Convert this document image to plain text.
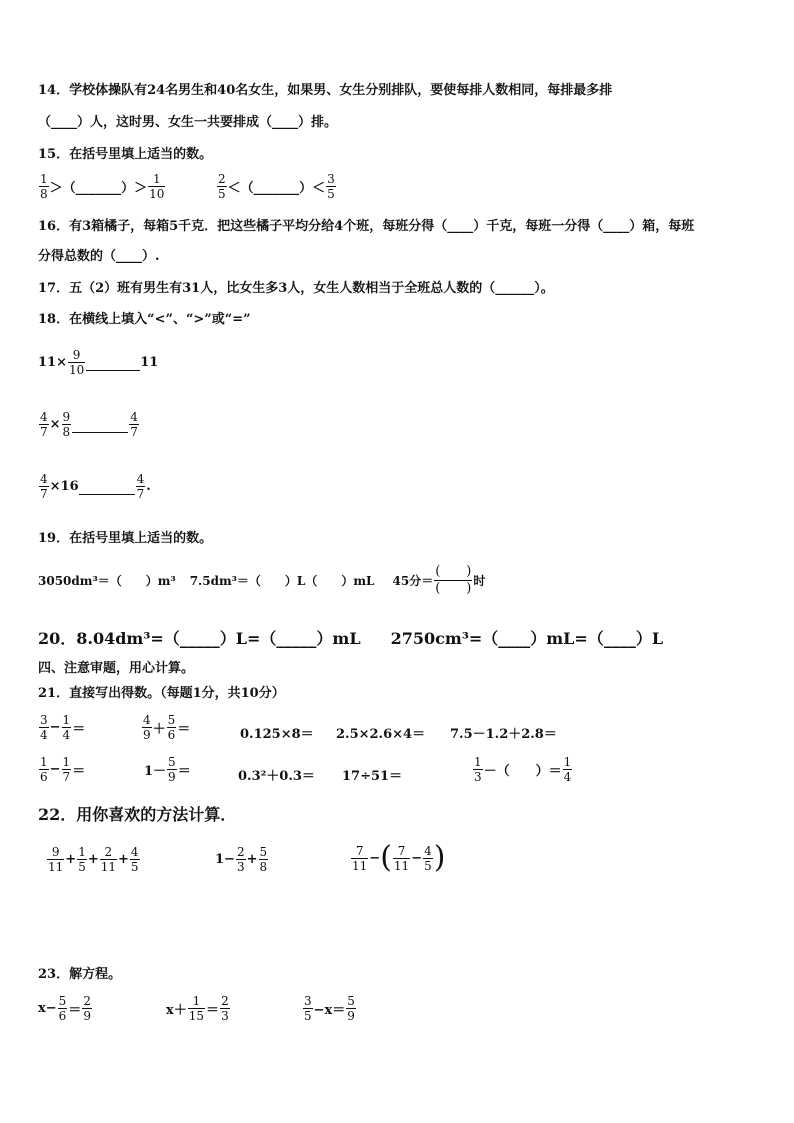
14．学校体操队有24名男生和40名女生，如果男、女生分别排队，要使每排人数相同，每排最多排
（____）人，这时男、女生一共要排成（____）排。
15．在括号里填上适当的数。
1
8 ＞（_______）＞
1
10
2
5 ＜（_______）＜
3
5
16．有3箱橘子，每箱5千克．把这些橘子平均分给4个班，每班分得（____）千克，每班一分得（____）箱，每班
分得总数的（____）.
17．五（2）班有男生有31人，比女生多3人，女生人数相当于全班总人数的（______）。
18．在横线上填入“<”、“>”或“=”
$11\times \frac{9}{10}$
	11
$\frac{4}{7} \times \frac{9}{8}$
	4
7
$\frac{4}{7} \times 16$
	4
7 .
19．在括号里填上适当的数。
3050dm³＝（　　）m³ 7.5dm³＝（　　）L（　　）mL 45分＝
(　　)
(　　) 时
20．8.04dm³=（_____）L=（_____）mL 2750cm³=（____）mL=（____）L
四、注意审题，用心计算。
21．直接写出得数。（每题1分，共10分）
3
$4 - \frac{1}{4}$ ＝
4
9 ＋
5
6 ＝	0.125×8＝ 2.5×2.6×4＝ 7.5－1.2＋2.8＝
1
$6 - \frac{1}{7}$ ＝	1－
5
9 ＝	0.3²＋0.3＝ 17÷51＝
1
3 －（　　）＝
1
4
22．用你喜欢的方法计算．
9
$11 + \frac{1}{5} + \frac{2}{11} + \frac{4}{5}$	$1- \frac{2}{3} + \frac{5}{8}$	7
11 − ( 7
$11 - \frac{4}{5}$ )
23．解方程。
$x- \frac{5}{6}$ ＝
2
9	x＋
1
15 ＝
2
3
3
5 −x＝
5
9
